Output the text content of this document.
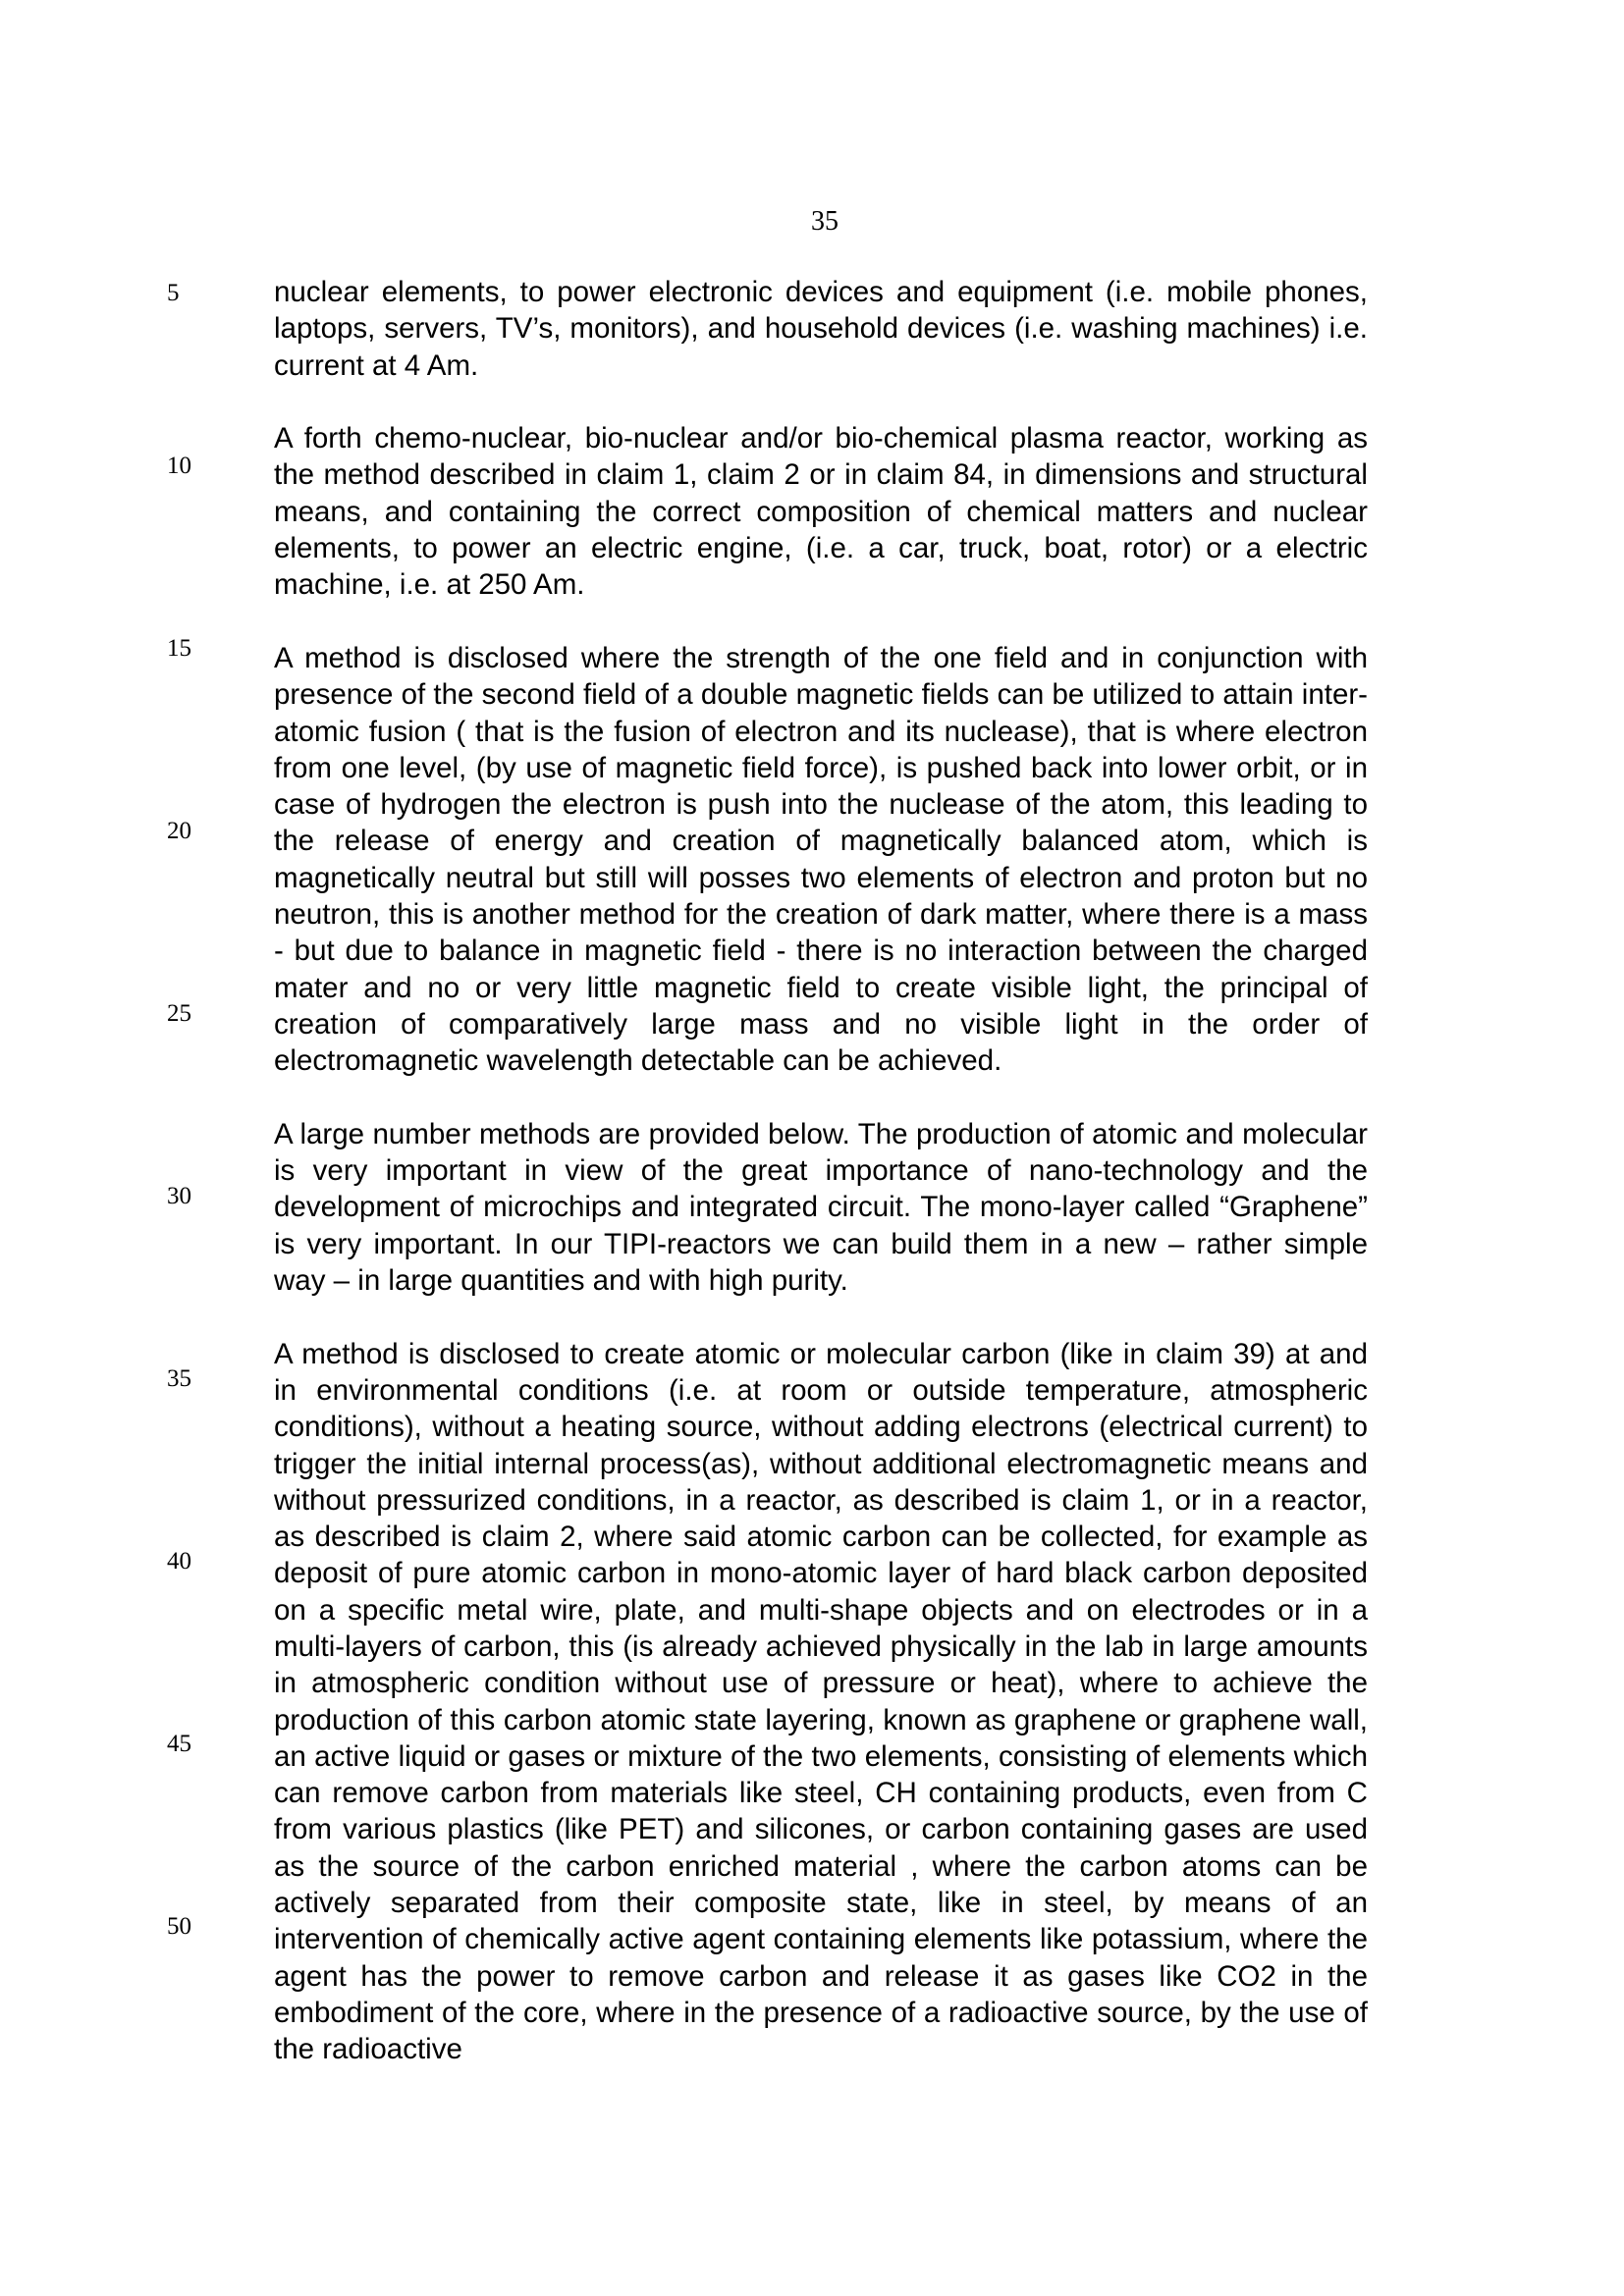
35
5
10
15
20
25
30
35
40
45
50

nuclear elements, to power electronic devices and equipment (i.e. mobile phones, laptops, servers, TV’s, monitors), and household devices (i.e. washing machines) i.e. current at 4 Am.

A forth chemo-nuclear, bio-nuclear and/or bio-chemical plasma reactor, working as the method described in claim 1, claim 2 or in claim 84, in dimensions and structural means, and containing the correct composition of chemical matters and nuclear elements, to power an electric engine, (i.e. a car, truck, boat, rotor) or a electric machine, i.e. at 250 Am.

A method is disclosed where the strength of the one field and in conjunction with presence of the second field of a double magnetic fields can be utilized to attain inter-atomic fusion ( that is the fusion of electron and its nuclease), that is where electron from one level, (by use of magnetic field force), is pushed back into lower orbit, or in case of hydrogen the electron is push into the nuclease of the atom, this leading to the release of energy and creation of magnetically balanced atom, which is magnetically neutral but still will posses two elements of electron and proton but no neutron, this is another method for the creation of dark matter, where there is a mass - but due to balance in magnetic field - there is no interaction between the charged mater and no or very little magnetic field to create visible light, the principal of creation of comparatively large mass and no visible light in the order of electromagnetic wavelength detectable can be achieved.

A large number methods are provided below. The production of atomic and molecular is very important in view of the great importance of nano-technology and the development of microchips and integrated circuit. The mono-layer called “Graphene” is very important. In our TIPI-reactors we can build them in a new – rather simple way – in large quantities and with high purity.

A method is disclosed to create atomic or molecular carbon (like in claim 39) at and in environmental conditions (i.e. at room or outside temperature, atmospheric conditions), without a heating source, without adding electrons (electrical current) to trigger the initial internal process(as), without additional electromagnetic means and without pressurized conditions, in a reactor, as described is claim 1, or in a reactor, as described is claim 2, where said atomic carbon can be collected, for example as deposit of pure atomic carbon in mono-atomic layer of hard black carbon deposited on a specific metal wire, plate, and multi-shape objects and on electrodes or in a multi-layers of carbon, this (is already achieved physically in the lab in large amounts in atmospheric condition without use of pressure or heat), where to achieve the production of this carbon atomic state layering, known as graphene or graphene wall, an active liquid or gases or mixture of the two elements, consisting of elements which can remove carbon from materials like steel, CH containing products, even from C from various plastics (like PET) and silicones, or carbon containing gases are used as the source of the carbon enriched material , where the carbon atoms can be actively separated from their composite state, like in steel, by means of an intervention of chemically active agent containing elements like potassium, where the agent has the power to remove carbon and release it as gases like CO2 in the embodiment of the core, where in the presence of a radioactive source, by the use of the radioactive
